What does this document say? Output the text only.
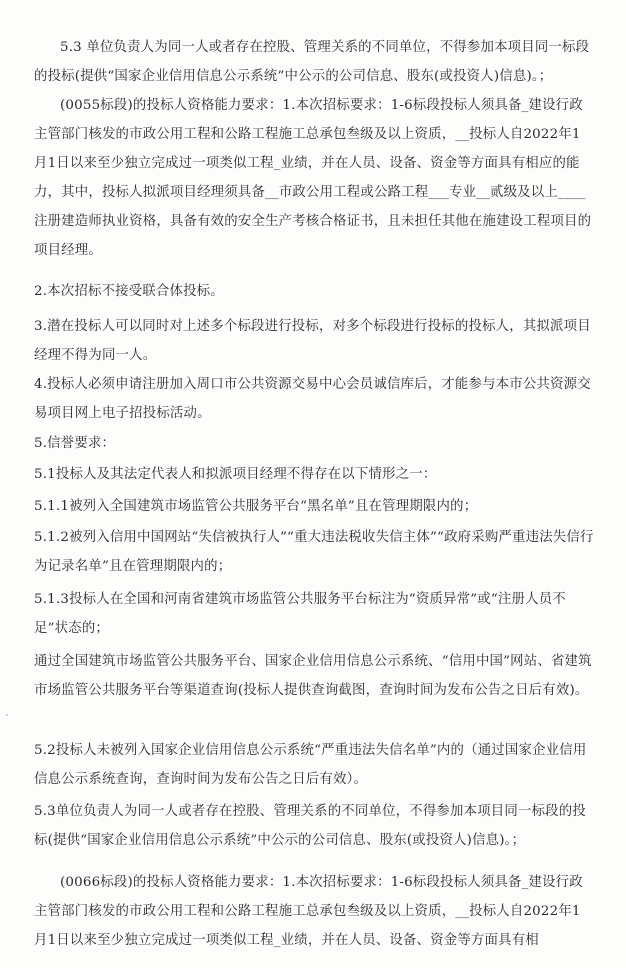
5.3 单位负责人为同一人或者存在控股、管理关系的不同单位，不得参加本项目同一标段的投标(提供“国家企业信用信息公示系统”中公示的公司信息、股东(或投资人)信息)。；
(0055标段)的投标人资格能力要求：1.本次招标要求：1-6标段投标人须具备_建设行政主管部门核发的市政公用工程和公路工程施工总承包叁级及以上资质，__投标人自2022年1月1日以来至少独立完成过一项类似工程_业绩，并在人员、设备、资金等方面具有相应的能力，其中，投标人拟派项目经理须具备__市政公用工程或公路工程___专业__贰级及以上____注册建造师执业资格，具备有效的安全生产考核合格证书，且未担任其他在施建设工程项目的项目经理。
2.本次招标不接受联合体投标。
3.潜在投标人可以同时对上述多个标段进行投标，对多个标段进行投标的投标人，其拟派项目经理不得为同一人。
4.投标人必须申请注册加入周口市公共资源交易中心会员诚信库后，才能参与本市公共资源交易项目网上电子招投标活动。
5.信誉要求：
5.1投标人及其法定代表人和拟派项目经理不得存在以下情形之一：
5.1.1被列入全国建筑市场监管公共服务平台“黑名单”且在管理期限内的；
5.1.2被列入信用中国网站“失信被执行人”“重大违法税收失信主体”“政府采购严重违法失信行为记录名单”且在管理期限内的；
5.1.3投标人在全国和河南省建筑市场监管公共服务平台标注为“资质异常”或“注册人员不足”状态的；
通过全国建筑市场监管公共服务平台、国家企业信用信息公示系统、“信用中国”网站、省建筑市场监管公共服务平台等渠道查询(投标人提供查询截图，查询时间为发布公告之日后有效)。
5.2投标人未被列入国家企业信用信息公示系统“严重违法失信名单”内的（通过国家企业信用信息公示系统查询，查询时间为发布公告之日后有效）。
5.3单位负责人为同一人或者存在控股、管理关系的不同单位，不得参加本项目同一标段的投标(提供“国家企业信用信息公示系统”中公示的公司信息、股东(或投资人)信息)。；
(0066标段)的投标人资格能力要求：1.本次招标要求：1-6标段投标人须具备_建设行政主管部门核发的市政公用工程和公路工程施工总承包叁级及以上资质，__投标人自2022年1月1日以来至少独立完成过一项类似工程_业绩，并在人员、设备、资金等方面具有相
